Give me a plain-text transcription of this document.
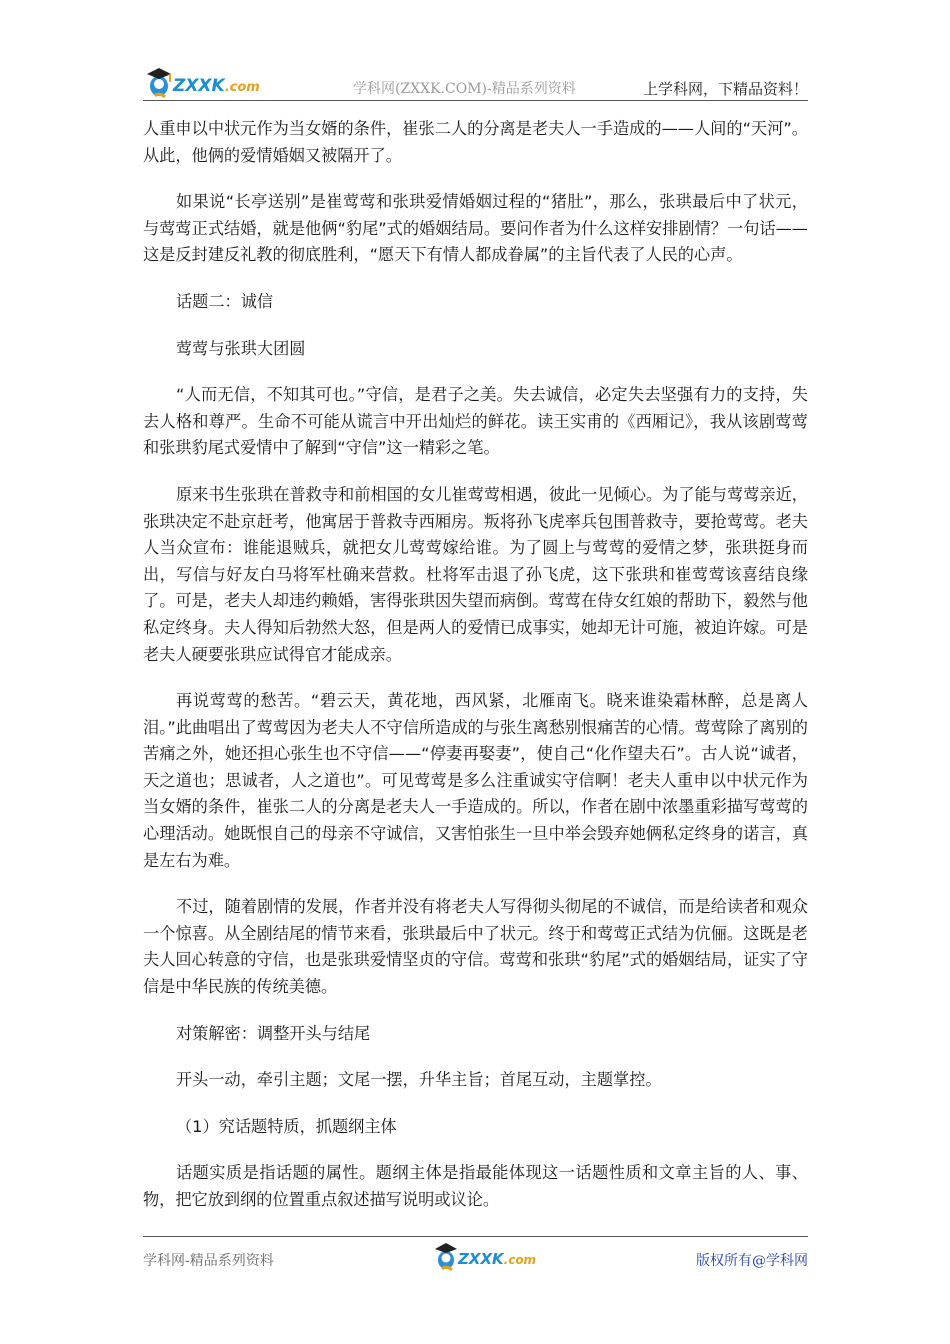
ZXXK.com	学科网(ZXXK.COM)-精品系列资料	上学科网，下精品资料！

人重申以中状元作为当女婿的条件，崔张二人的分离是老夫人一手造成的——人间的“天河”。从此，他俩的爱情婚姻又被隔开了。

如果说“长亭送别”是崔莺莺和张珙爱情婚姻过程的“猪肚”，那么，张珙最后中了状元，与莺莺正式结婚，就是他俩“豹尾”式的婚姻结局。要问作者为什么这样安排剧情？一句话——这是反封建反礼教的彻底胜利，“愿天下有情人都成眷属”的主旨代表了人民的心声。

话题二：诚信

莺莺与张珙大团圆

“人而无信，不知其可也。”守信，是君子之美。失去诚信，必定失去坚强有力的支持，失去人格和尊严。生命不可能从谎言中开出灿烂的鲜花。读王实甫的《西厢记》，我从该剧莺莺和张珙豹尾式爱情中了解到“守信”这一精彩之笔。

原来书生张珙在普救寺和前相国的女儿崔莺莺相遇，彼此一见倾心。为了能与莺莺亲近，张珙决定不赴京赶考，他寓居于普救寺西厢房。叛将孙飞虎率兵包围普救寺，要抢莺莺。老夫人当众宣布：谁能退贼兵，就把女儿莺莺嫁给谁。为了圆上与莺莺的爱情之梦，张珙挺身而出，写信与好友白马将军杜确来营救。杜将军击退了孙飞虎，这下张珙和崔莺莺该喜结良缘了。可是，老夫人却违约赖婚，害得张珙因失望而病倒。莺莺在侍女红娘的帮助下，毅然与他私定终身。夫人得知后勃然大怒，但是两人的爱情已成事实，她却无计可施，被迫许嫁。可是老夫人硬要张珙应试得官才能成亲。

再说莺莺的愁苦。“碧云天，黄花地，西风紧，北雁南飞。晓来谁染霜林醉，总是离人泪。”此曲唱出了莺莺因为老夫人不守信所造成的与张生离愁别恨痛苦的心情。莺莺除了离别的苦痛之外，她还担心张生也不守信——“停妻再娶妻”，使自己“化作望夫石”。古人说“诚者，天之道也；思诚者，人之道也”。可见莺莺是多么注重诚实守信啊！老夫人重申以中状元作为当女婿的条件，崔张二人的分离是老夫人一手造成的。所以，作者在剧中浓墨重彩描写莺莺的心理活动。她既恨自己的母亲不守诚信，又害怕张生一旦中举会毁弃她俩私定终身的诺言，真是左右为难。

不过，随着剧情的发展，作者并没有将老夫人写得彻头彻尾的不诚信，而是给读者和观众一个惊喜。从全剧结尾的情节来看，张珙最后中了状元。终于和莺莺正式结为伉俪。这既是老夫人回心转意的守信，也是张珙爱情坚贞的守信。莺莺和张珙“豹尾”式的婚姻结局，证实了守信是中华民族的传统美德。

对策解密：调整开头与结尾

开头一动，牵引主题；文尾一摆，升华主旨；首尾互动，主题掌控。

（1）究话题特质，抓题纲主体

话题实质是指话题的属性。题纲主体是指最能体现这一话题性质和文章主旨的人、事、物，把它放到纲的位置重点叙述描写说明或议论。

学科网-精品系列资料	ZXXK.com	版权所有@学科网
